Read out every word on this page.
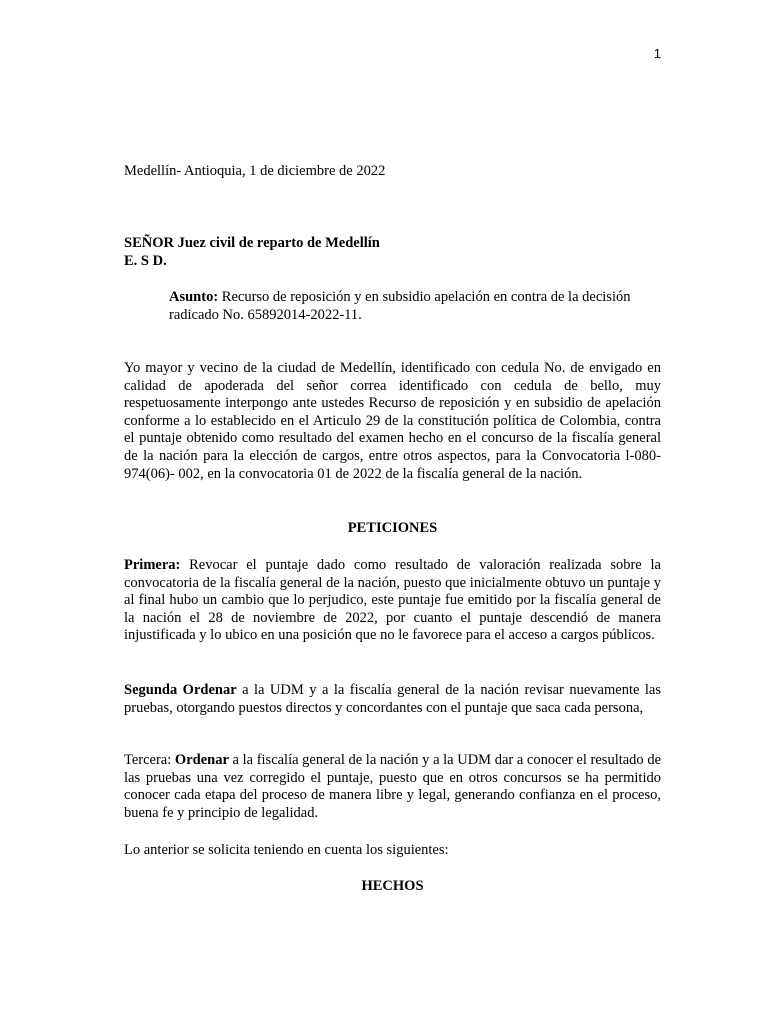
1

Medellín- Antioquia, 1 de diciembre de 2022

SEÑOR Juez civil de reparto de Medellín

E. S D.

Asunto: Recurso de reposición y en subsidio apelación en contra de la decisión radicado No. 65892014-2022-11.

Yo mayor y vecino de la ciudad de Medellín, identificado con cedula No. de envigado en calidad de apoderada del señor correa identificado con cedula de bello, muy respetuosamente interpongo ante ustedes Recurso de reposición y en subsidio de apelación conforme a lo establecido en el Articulo 29 de la constitución política de Colombia, contra el puntaje obtenido como resultado del examen hecho en el concurso de la fiscalía general de la nación para la elección de cargos, entre otros aspectos, para la Convocatoria l-080-974(06)- 002, en la convocatoria 01 de 2022 de la fiscalía general de la nación.

PETICIONES

Primera: Revocar el puntaje dado como resultado de valoración realizada sobre la convocatoria de la fiscalía general de la nación, puesto que inicialmente obtuvo un puntaje y al final hubo un cambio que lo perjudico, este puntaje fue emitido por la fiscalía general de la nación el 28 de noviembre de 2022, por cuanto el puntaje descendió de manera injustificada y lo ubico en una posición que no le favorece para el acceso a cargos públicos.

Segunda Ordenar a la UDM y a la fiscalía general de la nación revisar nuevamente las pruebas, otorgando puestos directos y concordantes con el puntaje que saca cada persona,

Tercera: Ordenar a la fiscalía general de la nación y a la UDM dar a conocer el resultado de las pruebas una vez corregido el puntaje, puesto que en otros concursos se ha permitido conocer cada etapa del proceso de manera libre y legal, generando confianza en el proceso, buena fe y principio de legalidad.

Lo anterior se solicita teniendo en cuenta los siguientes:

HECHOS
